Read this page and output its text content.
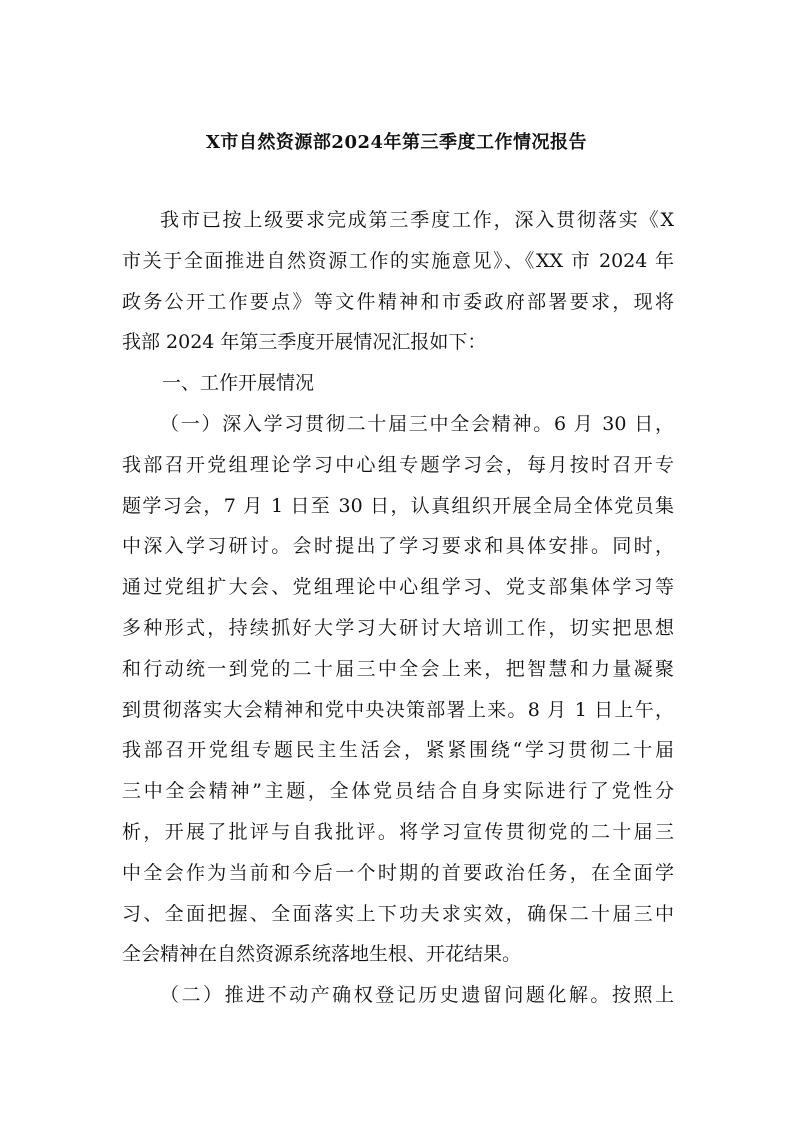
X市自然资源部2024年第三季度工作情况报告
我市已按上级要求完成第三季度工作，深入贯彻落实《X
市关于全面推进自然资源工作的实施意见》、《XX 市 2024 年
政务公开工作要点》等文件精神和市委政府部署要求，现将
我部 2024 年第三季度开展情况汇报如下：
一、工作开展情况
（一）深入学习贯彻二十届三中全会精神。6 月 30 日，
我部召开党组理论学习中心组专题学习会，每月按时召开专
题学习会，7 月 1 日至 30 日，认真组织开展全局全体党员集
中深入学习研讨。会时提出了学习要求和具体安排。同时，
通过党组扩大会、党组理论中心组学习、党支部集体学习等
多种形式，持续抓好大学习大研讨大培训工作，切实把思想
和行动统一到党的二十届三中全会上来，把智慧和力量凝聚
到贯彻落实大会精神和党中央决策部署上来。8 月 1 日上午，
我部召开党组专题民主生活会，紧紧围绕“学习贯彻二十届
三中全会精神”主题，全体党员结合自身实际进行了党性分
析，开展了批评与自我批评。将学习宣传贯彻党的二十届三
中全会作为当前和今后一个时期的首要政治任务，在全面学
习、全面把握、全面落实上下功夫求实效，确保二十届三中
全会精神在自然资源系统落地生根、开花结果。
（二）推进不动产确权登记历史遗留问题化解。按照上
